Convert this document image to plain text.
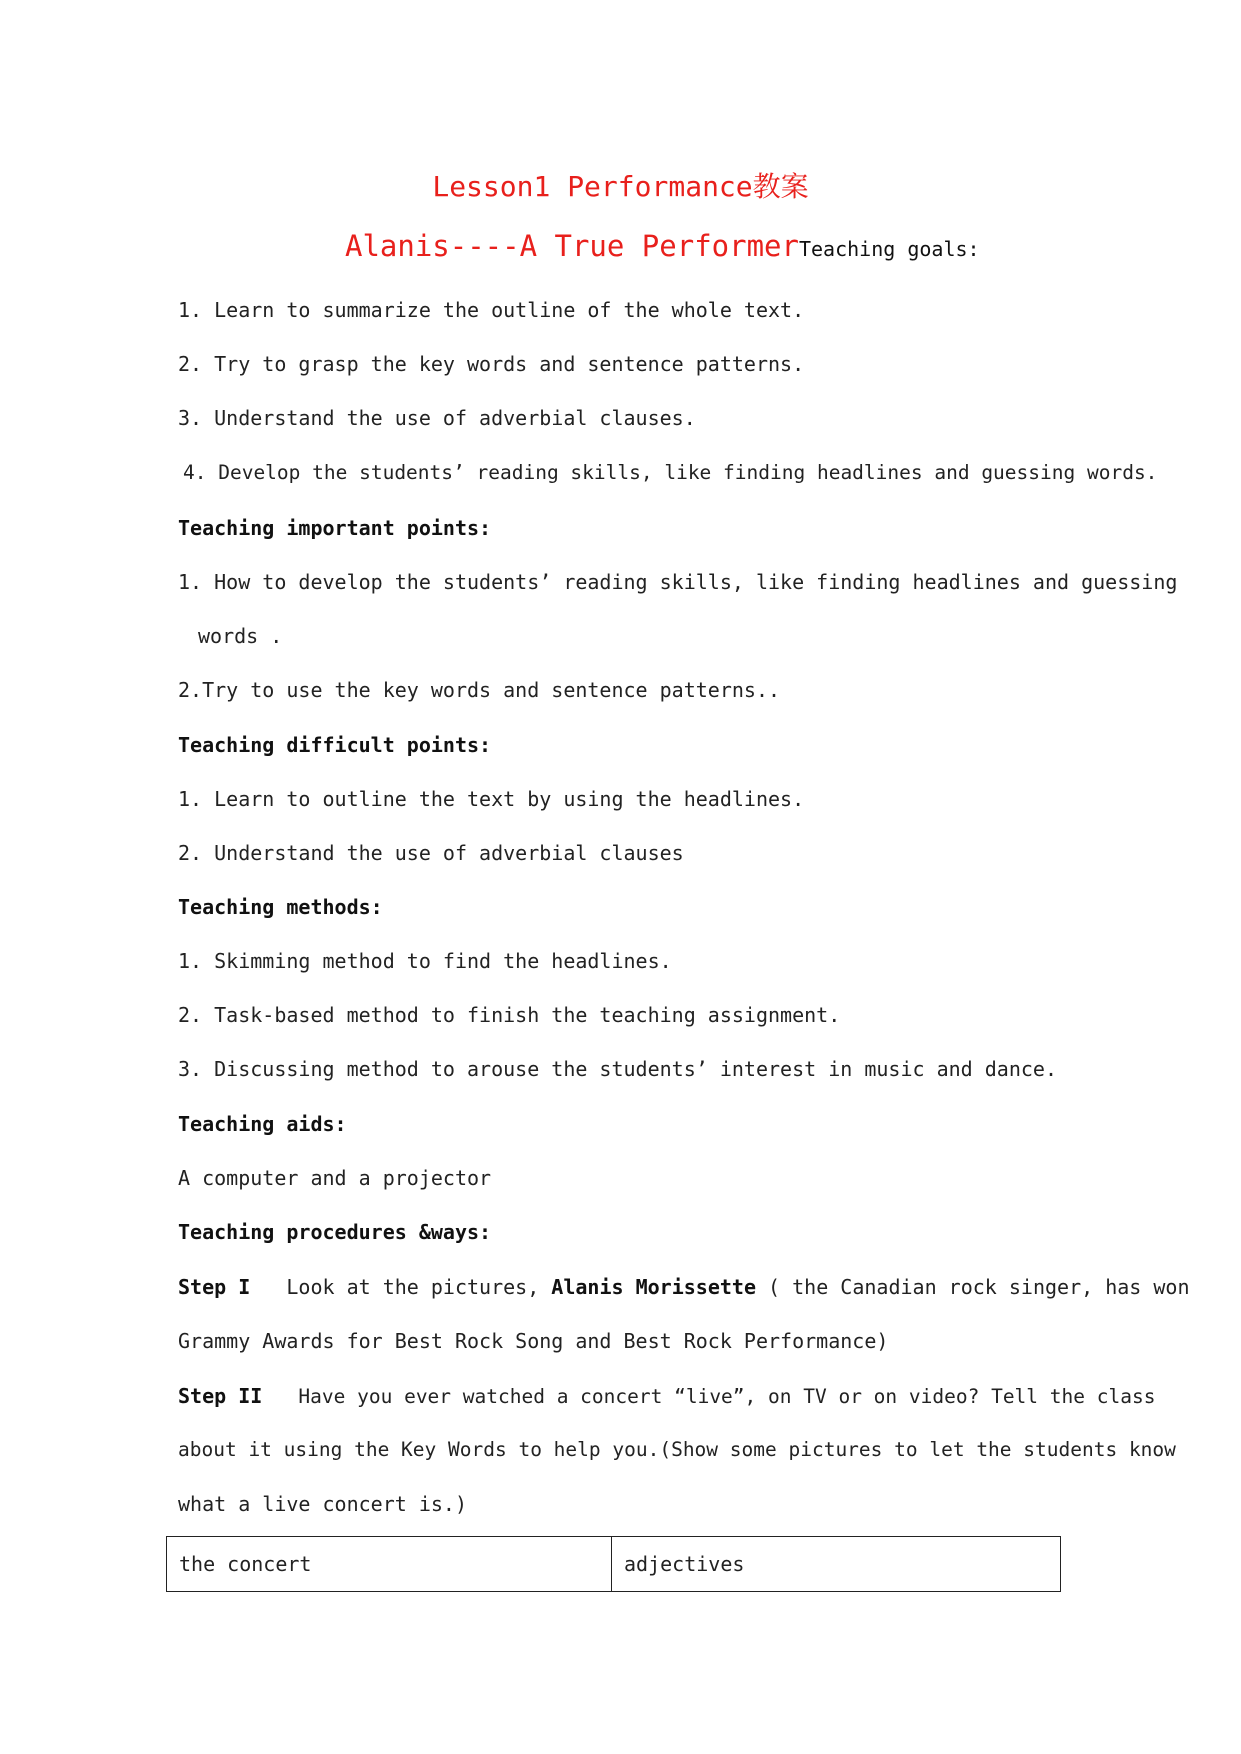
Lesson1 Performance教案
Alanis----A True PerformerTeaching goals:
1. Learn to summarize the outline of the whole text.
2. Try to grasp the key words and sentence patterns.
3. Understand the use of adverbial clauses.
4. Develop the students’ reading skills, like finding headlines and guessing words.
Teaching important points:
1. How to develop the students’ reading skills, like finding headlines and guessing
words .
2.Try to use the key words and sentence patterns..
Teaching difficult points:
1. Learn to outline the text by using the headlines.
2. Understand the use of adverbial clauses
Teaching methods:
1. Skimming method to find the headlines.
2. Task-based method to finish the teaching assignment.
3. Discussing method to arouse the students’ interest in music and dance.
Teaching aids:
A computer and a projector
Teaching procedures &ways:
Step I Look at the pictures, Alanis Morissette ( the Canadian rock singer, has won
Grammy Awards for Best Rock Song and Best Rock Performance)
Step II Have you ever watched a concert “live”, on TV or on video? Tell the class
about it using the Key Words to help you.(Show some pictures to let the students know
what a live concert is.)
the concert	adjectives
